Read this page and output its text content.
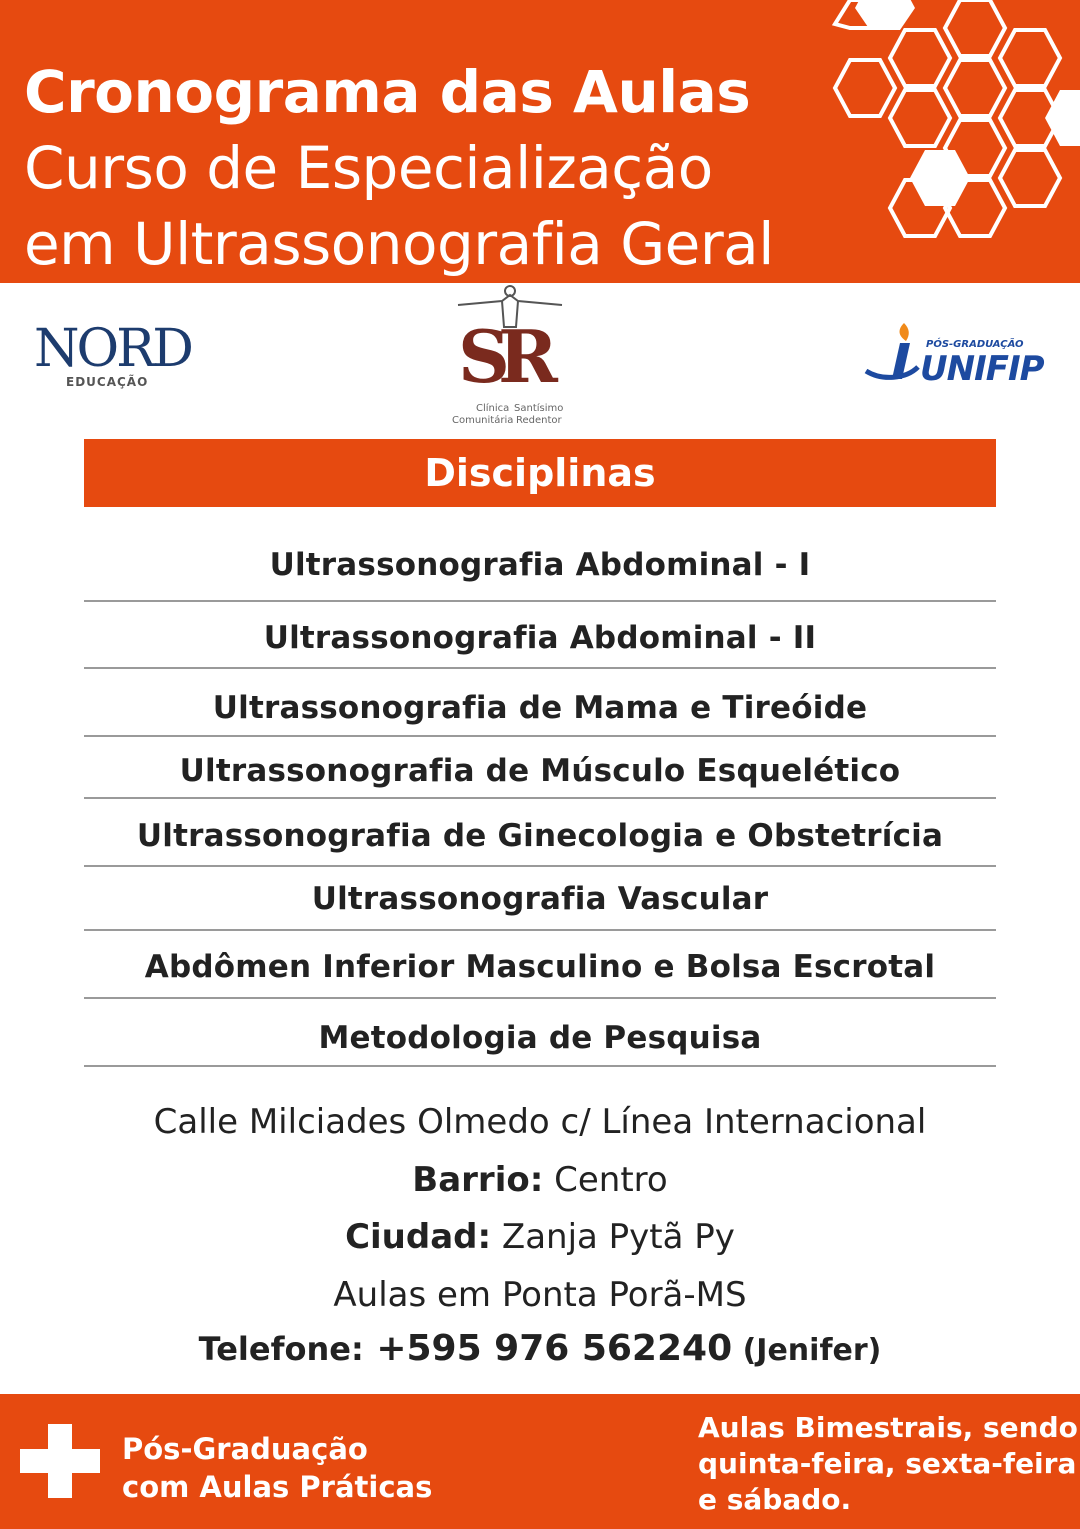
Cronograma das Aulas
Curso de Especialização
em Ultrassonografia Geral
NORD
EDUCAÇÃO	SR
Clínica
Comunitária
Santísimo
Redentor
PÓS-GRADUAÇÃO
UNIFIP
Disciplinas
Ultrassonografia Abdominal - I
Ultrassonografia Abdominal - II
Ultrassonografia de Mama e Tireóide
Ultrassonografia de Músculo Esquelético
Ultrassonografia de Ginecologia e Obstetrícia
Ultrassonografia Vascular
Abdômen Inferior Masculino e Bolsa Escrotal
Metodologia de Pesquisa
Calle Milciades Olmedo c/ Línea Internacional
Barrio: Centro
Ciudad: Zanja Pytã Py
Aulas em Ponta Porã-MS
Telefone: +595 976 562240 (Jenifer)
Pós-Graduação
com Aulas Práticas
Aulas Bimestrais, sendo
quinta-feira, sexta-feira
e sábado.
